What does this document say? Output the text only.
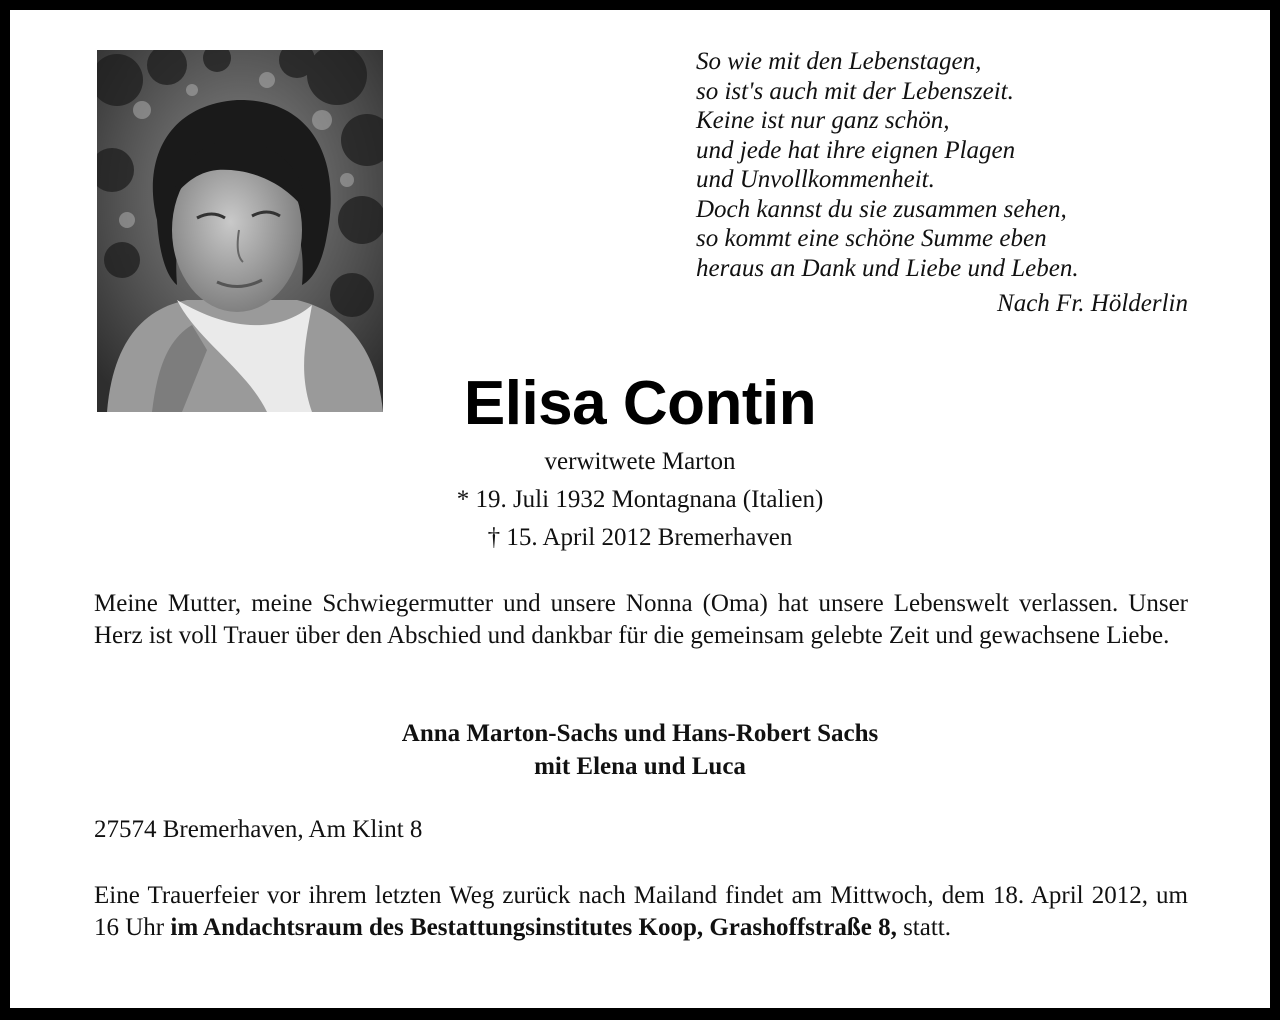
So wie mit den Lebenstagen,
so ist's auch mit der Lebenszeit.
Keine ist nur ganz schön,
und jede hat ihre eignen Plagen
und Unvollkommenheit.
Doch kannst du sie zusammen sehen,
so kommt eine schöne Summe eben
heraus an Dank und Liebe und Leben.
Nach Fr. Hölderlin
Elisa Contin
verwitwete Marton
* 19. Juli 1932 Montagnana (Italien)
† 15. April 2012 Bremerhaven
Meine Mutter, meine Schwiegermutter und unsere Nonna (Oma) hat unsere Lebenswelt verlassen. Unser Herz ist voll Trauer über den Abschied und dankbar für die gemeinsam gelebte Zeit und gewachsene Liebe.
Anna Marton-Sachs und Hans-Robert Sachs
mit Elena und Luca
27574 Bremerhaven, Am Klint 8
Eine Trauerfeier vor ihrem letzten Weg zurück nach Mailand findet am Mittwoch, dem 18. April 2012, um 16 Uhr im Andachtsraum des Bestattungsinstitutes Koop, Grashoffstraße 8, statt.
